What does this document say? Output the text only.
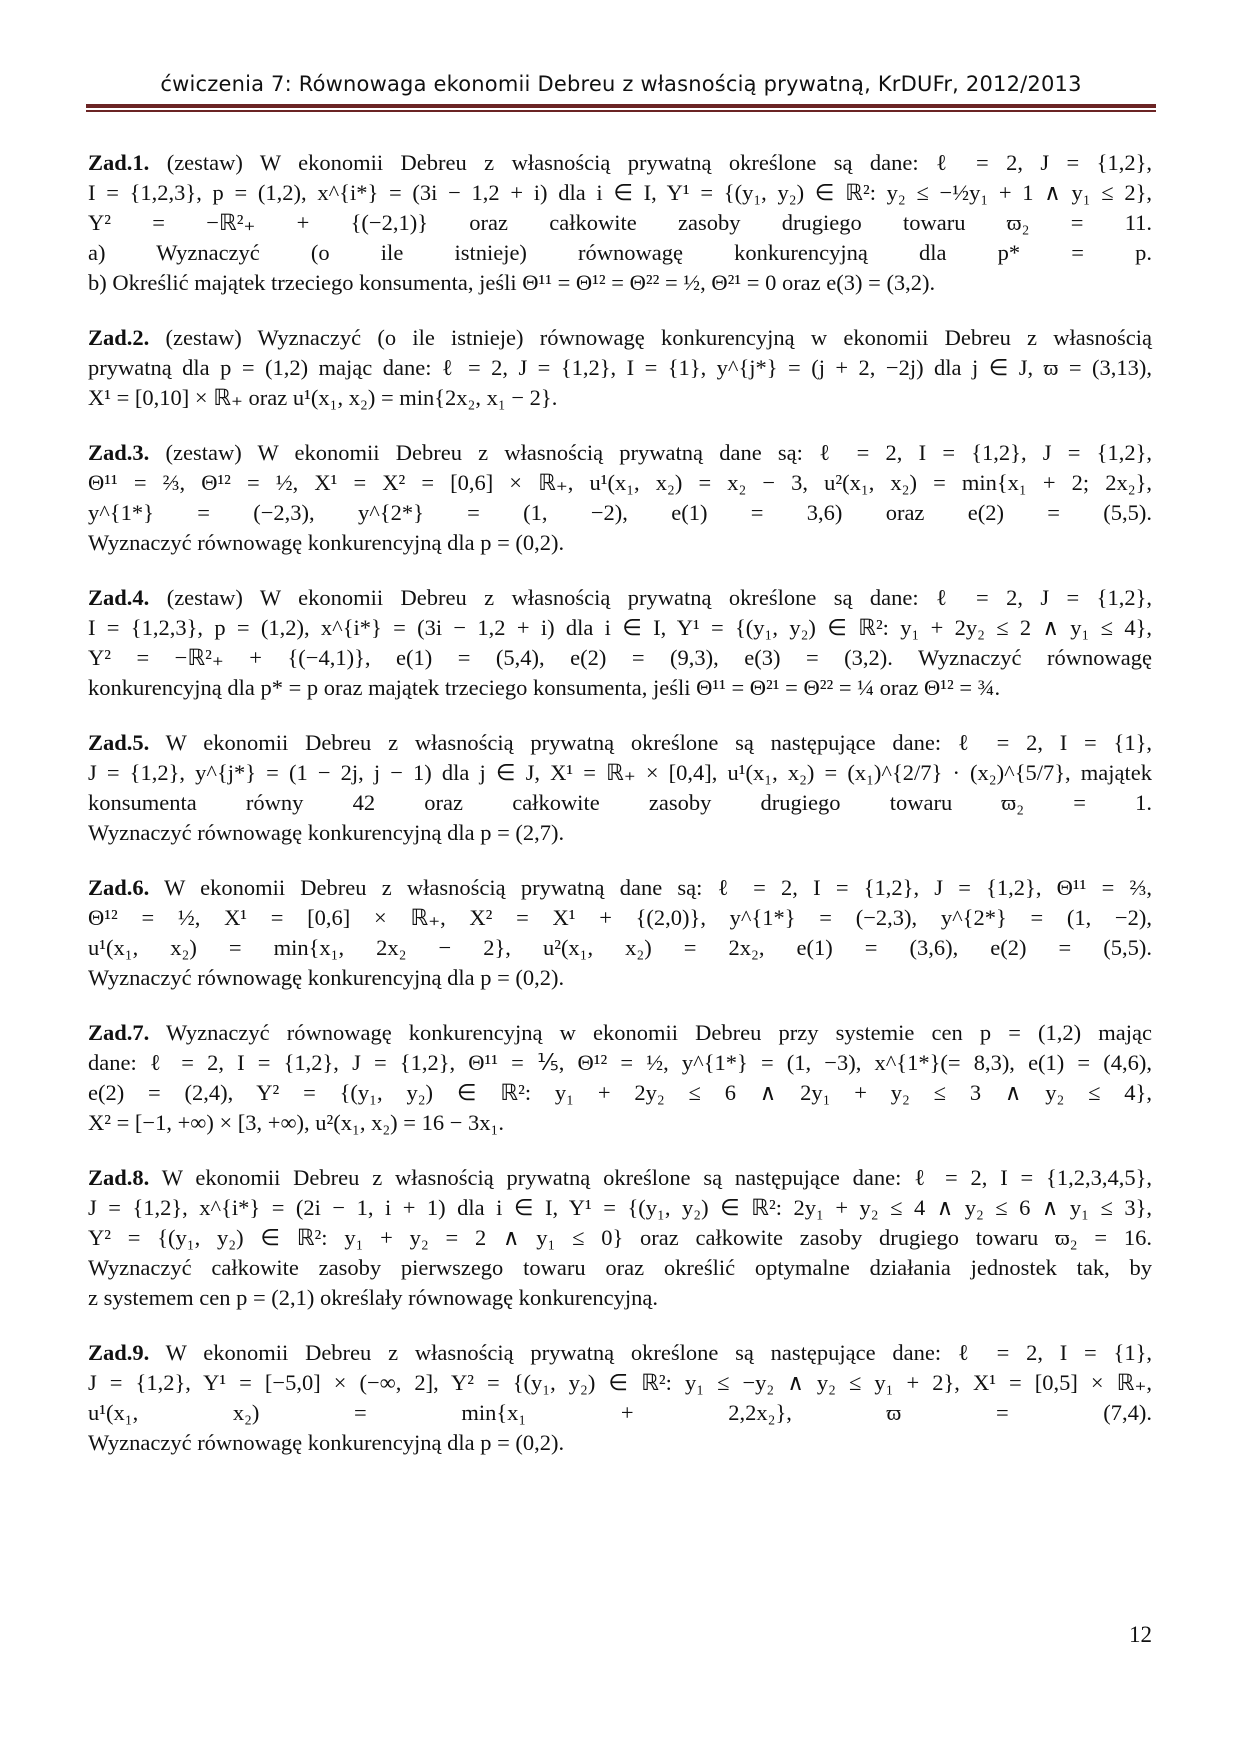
ćwiczenia 7: Równowaga ekonomii Debreu z własnością prywatną, KrDUFr, 2012/2013
Zad.1. (zestaw) W ekonomii Debreu z własnością prywatną określone są dane: ℓ = 2, J = {1,2},
I = {1,2,3}, p = (1,2), x^{i*} = (3i − 1,2 + i) dla i ∈ I, Y¹ = {(y₁, y₂) ∈ ℝ²: y₂ ≤ −½y₁ + 1 ∧ y₁ ≤ 2},
Y² = −ℝ²₊ + {(−2,1)} oraz całkowite zasoby drugiego towaru ϖ₂ = 11.
a) Wyznaczyć (o ile istnieje) równowagę konkurencyjną dla p* = p.
b) Określić majątek trzeciego konsumenta, jeśli Θ¹¹ = Θ¹² = Θ²² = ½, Θ²¹ = 0 oraz e(3) = (3,2).
Zad.2. (zestaw) Wyznaczyć (o ile istnieje) równowagę konkurencyjną w ekonomii Debreu z własnością
prywatną dla p = (1,2) mając dane: ℓ = 2, J = {1,2}, I = {1}, y^{j*} = (j + 2, −2j) dla j ∈ J, ϖ = (3,13),
X¹ = [0,10] × ℝ₊ oraz u¹(x₁, x₂) = min{2x₂, x₁ − 2}.
Zad.3. (zestaw) W ekonomii Debreu z własnością prywatną dane są: ℓ = 2, I = {1,2}, J = {1,2},
Θ¹¹ = ⅔, Θ¹² = ½, X¹ = X² = [0,6] × ℝ₊, u¹(x₁, x₂) = x₂ − 3, u²(x₁, x₂) = min{x₁ + 2; 2x₂},
y^{1*} = (−2,3), y^{2*} = (1, −2), e(1) = 3,6) oraz e(2) = (5,5).
Wyznaczyć równowagę konkurencyjną dla p = (0,2).
Zad.4. (zestaw) W ekonomii Debreu z własnością prywatną określone są dane: ℓ = 2, J = {1,2},
I = {1,2,3}, p = (1,2), x^{i*} = (3i − 1,2 + i) dla i ∈ I, Y¹ = {(y₁, y₂) ∈ ℝ²: y₁ + 2y₂ ≤ 2 ∧ y₁ ≤ 4},
Y² = −ℝ²₊ + {(−4,1)}, e(1) = (5,4), e(2) = (9,3), e(3) = (3,2). Wyznaczyć równowagę
konkurencyjną dla p* = p oraz majątek trzeciego konsumenta, jeśli Θ¹¹ = Θ²¹ = Θ²² = ¼ oraz Θ¹² = ¾.
Zad.5. W ekonomii Debreu z własnością prywatną określone są następujące dane: ℓ = 2, I = {1},
J = {1,2}, y^{j*} = (1 − 2j, j − 1) dla j ∈ J, X¹ = ℝ₊ × [0,4], u¹(x₁, x₂) = (x₁)^{2/7} · (x₂)^{5/7}, majątek
konsumenta równy 42 oraz całkowite zasoby drugiego towaru ϖ₂ = 1.
Wyznaczyć równowagę konkurencyjną dla p = (2,7).
Zad.6. W ekonomii Debreu z własnością prywatną dane są: ℓ = 2, I = {1,2}, J = {1,2}, Θ¹¹ = ⅔,
Θ¹² = ½, X¹ = [0,6] × ℝ₊, X² = X¹ + {(2,0)}, y^{1*} = (−2,3), y^{2*} = (1, −2),
u¹(x₁, x₂) = min{x₁, 2x₂ − 2}, u²(x₁, x₂) = 2x₂, e(1) = (3,6), e(2) = (5,5).
Wyznaczyć równowagę konkurencyjną dla p = (0,2).
Zad.7. Wyznaczyć równowagę konkurencyjną w ekonomii Debreu przy systemie cen p = (1,2) mając
dane: ℓ = 2, I = {1,2}, J = {1,2}, Θ¹¹ = ⅕, Θ¹² = ½, y^{1*} = (1, −3), x^{1*}(= 8,3), e(1) = (4,6),
e(2) = (2,4), Y² = {(y₁, y₂) ∈ ℝ²: y₁ + 2y₂ ≤ 6 ∧ 2y₁ + y₂ ≤ 3 ∧ y₂ ≤ 4},
X² = [−1, +∞) × [3, +∞), u²(x₁, x₂) = 16 − 3x₁.
Zad.8. W ekonomii Debreu z własnością prywatną określone są następujące dane: ℓ = 2, I = {1,2,3,4,5},
J = {1,2}, x^{i*} = (2i − 1, i + 1) dla i ∈ I, Y¹ = {(y₁, y₂) ∈ ℝ²: 2y₁ + y₂ ≤ 4 ∧ y₂ ≤ 6 ∧ y₁ ≤ 3},
Y² = {(y₁, y₂) ∈ ℝ²: y₁ + y₂ = 2 ∧ y₁ ≤ 0} oraz całkowite zasoby drugiego towaru ϖ₂ = 16.
Wyznaczyć całkowite zasoby pierwszego towaru oraz określić optymalne działania jednostek tak, by
z systemem cen p = (2,1) określały równowagę konkurencyjną.
Zad.9. W ekonomii Debreu z własnością prywatną określone są następujące dane: ℓ = 2, I = {1},
J = {1,2}, Y¹ = [−5,0] × (−∞, 2], Y² = {(y₁, y₂) ∈ ℝ²: y₁ ≤ −y₂ ∧ y₂ ≤ y₁ + 2}, X¹ = [0,5] × ℝ₊,
u¹(x₁, x₂) = min{x₁ + 2,2x₂}, ϖ = (7,4).
Wyznaczyć równowagę konkurencyjną dla p = (0,2).
12
